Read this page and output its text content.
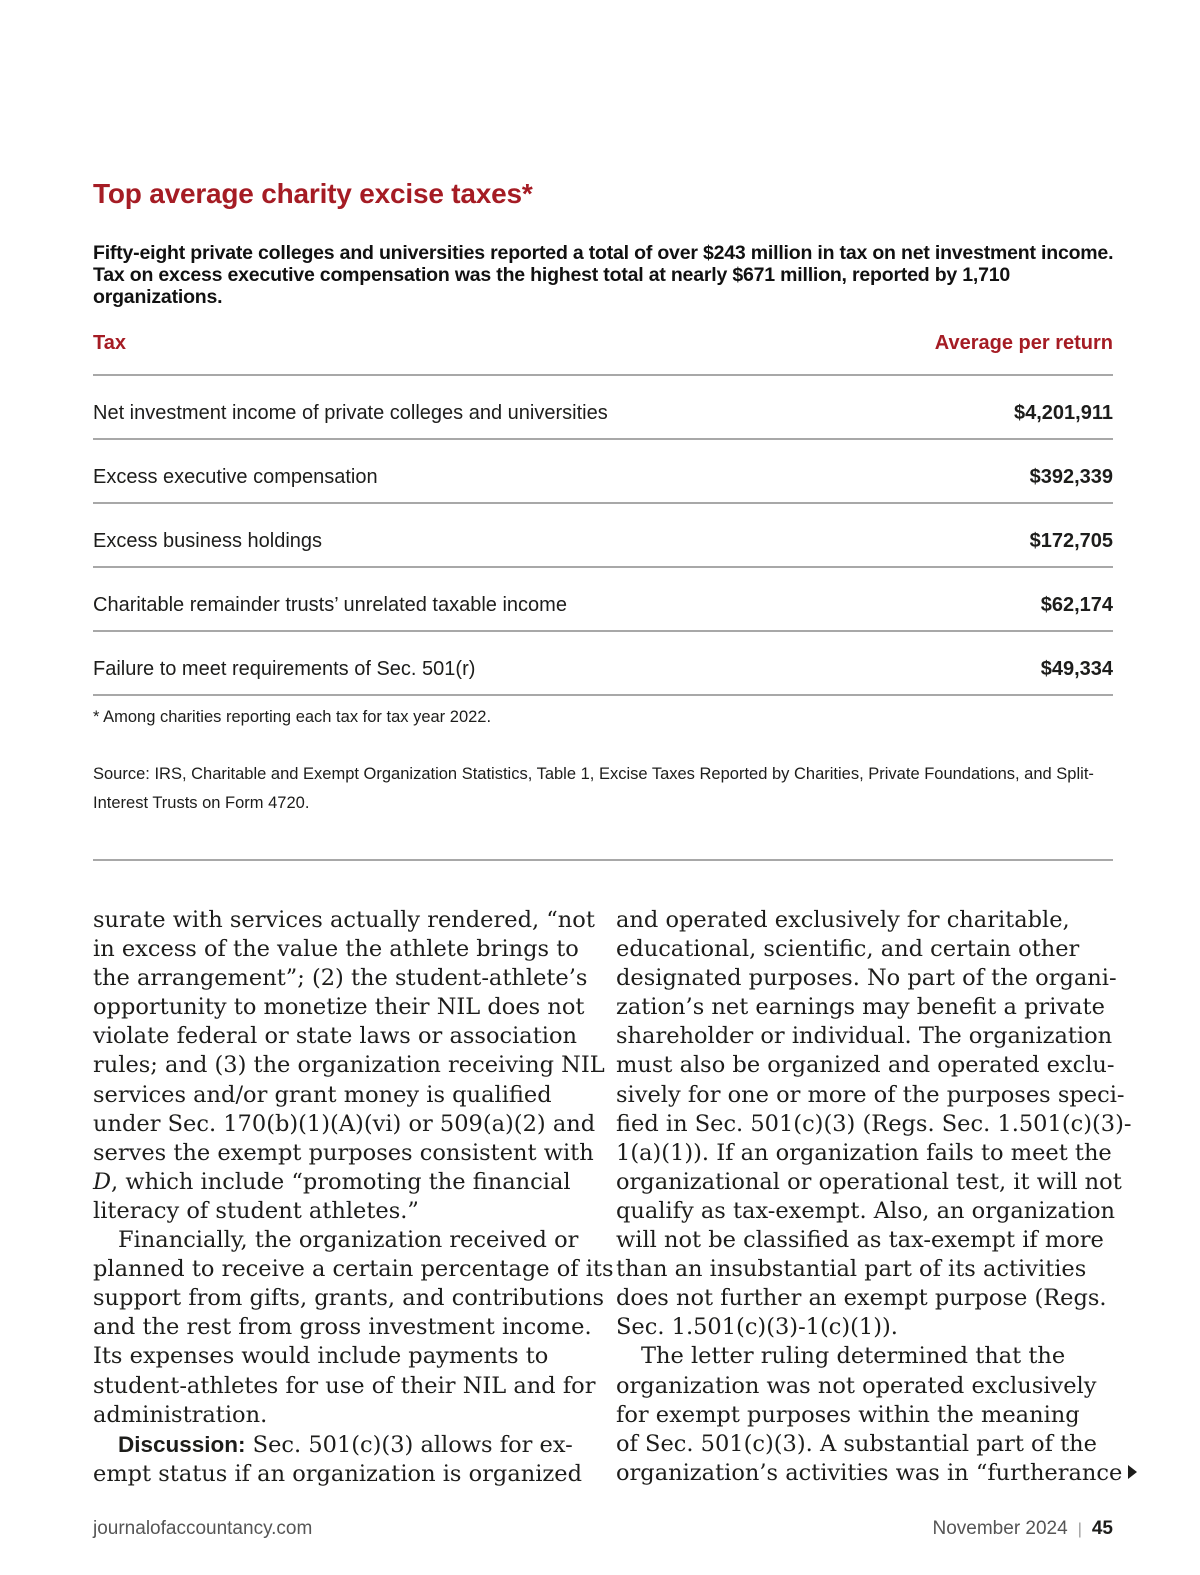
Top average charity excise taxes*

Fifty-eight private colleges and universities reported a total of over $243 million in tax on net investment income. Tax on excess executive compensation was the highest total at nearly $671 million, reported by 1,710 organizations.

Tax	Average per return
Net investment income of private colleges and universities	$4,201,911
Excess executive compensation	$392,339
Excess business holdings	$172,705
Charitable remainder trusts’ unrelated taxable income	$62,174
Failure to meet requirements of Sec. 501(r)	$49,334

* Among charities reporting each tax for tax year 2022.

Source: IRS, Charitable and Exempt Organization Statistics, Table 1, Excise Taxes Reported by Charities, Private Foundations, and Split-Interest Trusts on Form 4720.

surate with services actually rendered, “not
in excess of the value the athlete brings to
the arrangement”; (2) the student-athlete’s
opportunity to monetize their NIL does not
violate federal or state laws or association
rules; and (3) the organization receiving NIL
services and/or grant money is qualified
under Sec. 170(b)(1)(A)(vi) or 509(a)(2) and
serves the exempt purposes consistent with
D, which include “promoting the financial
literacy of student athletes.”
Financially, the organization received or
planned to receive a certain percentage of its
support from gifts, grants, and contributions
and the rest from gross investment income.
Its expenses would include payments to
student-athletes for use of their NIL and for
administration.
Discussion: Sec. 501(c)(3) allows for ex-
empt status if an organization is organized
and operated exclusively for charitable,
educational, scientific, and certain other
designated purposes. No part of the organi-
zation’s net earnings may benefit a private
shareholder or individual. The organization
must also be organized and operated exclu-
sively for one or more of the purposes speci-
fied in Sec. 501(c)(3) (Regs. Sec. 1.501(c)(3)-
1(a)(1)). If an organization fails to meet the
organizational or operational test, it will not
qualify as tax-exempt. Also, an organization
will not be classified as tax-exempt if more
than an insubstantial part of its activities
does not further an exempt purpose (Regs.
Sec. 1.501(c)(3)-1(c)(1)).
The letter ruling determined that the
organization was not operated exclusively
for exempt purposes within the meaning
of Sec. 501(c)(3). A substantial part of the
organization’s activities was in “furtherance
journalofaccountancy.com	November 2024 | 45
